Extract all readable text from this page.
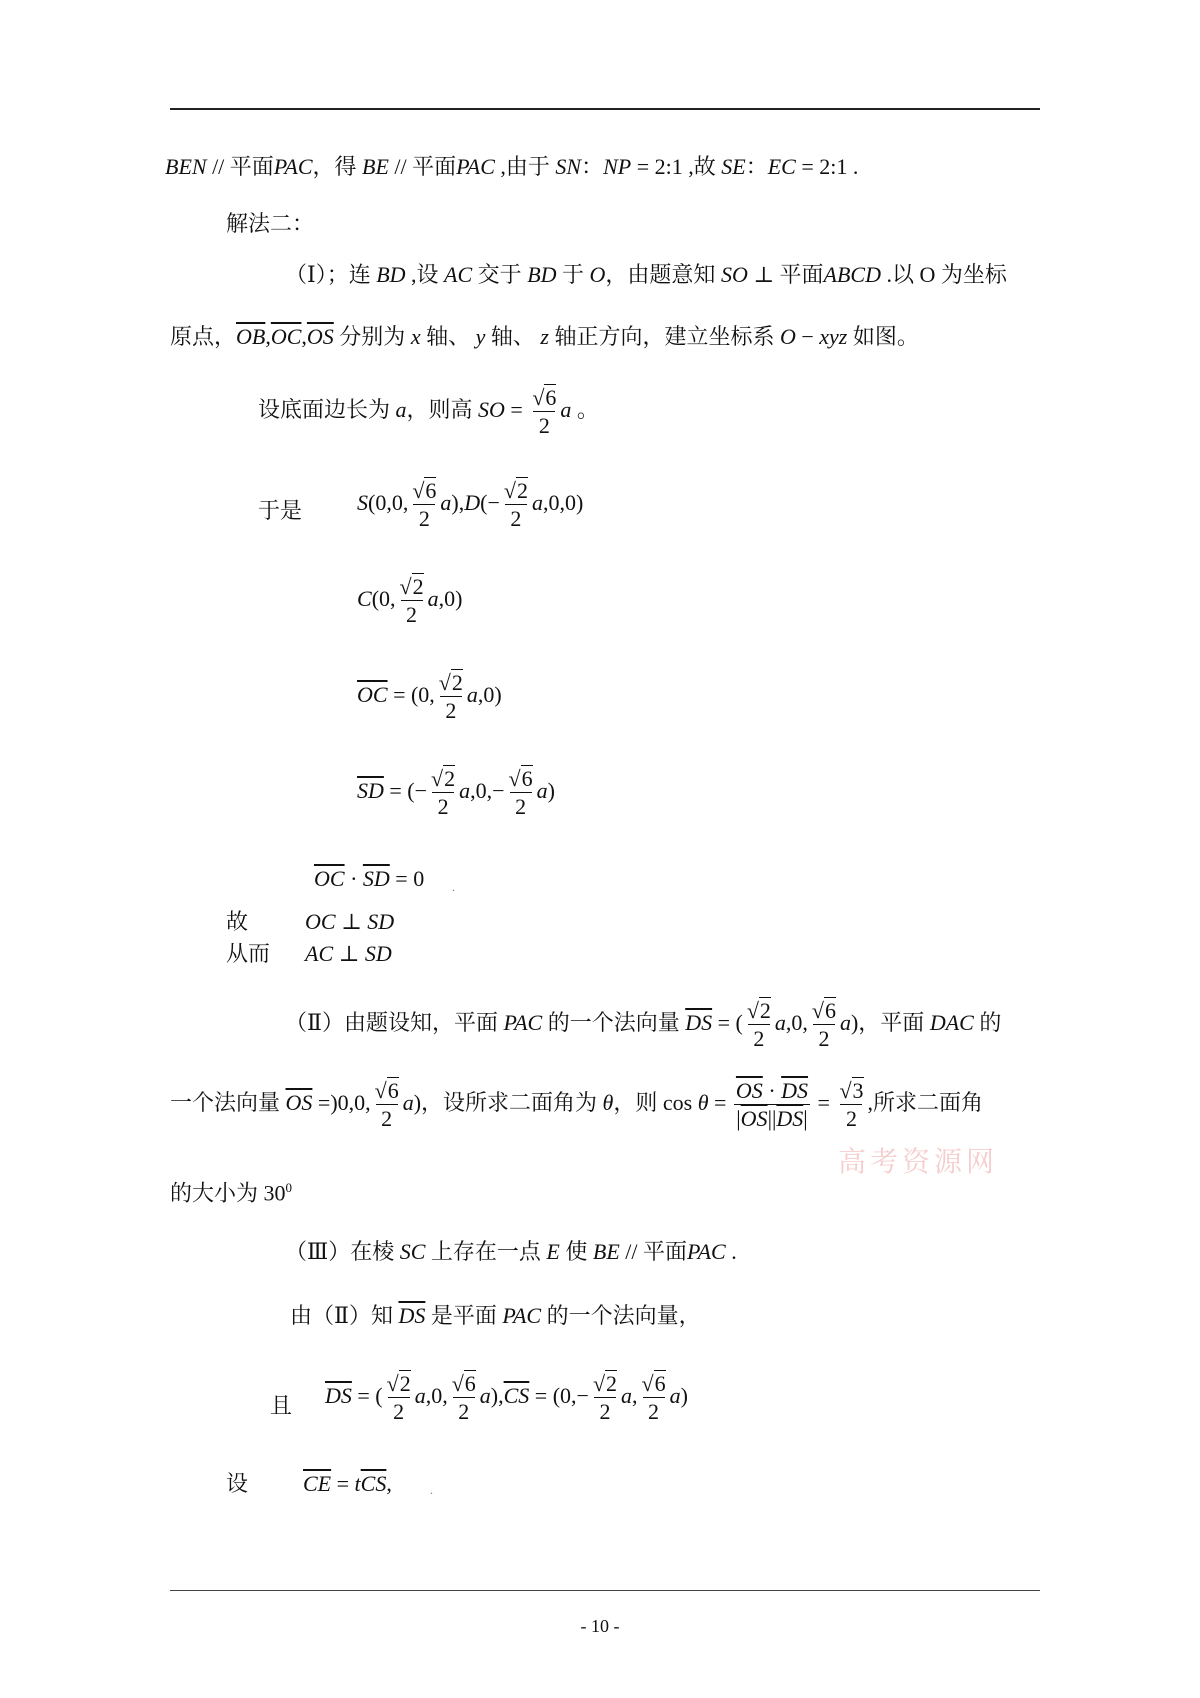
BEN // 平面PAC，得 BE // 平面PAC ,由于 SN：NP = 2:1 ,故 SE：EC = 2:1 .
解法二：
（Ⅰ）；连 BD ,设 AC 交于 BD 于 O，由题意知 SO ⊥ 平面ABCD .以 O 为坐标
原点，$\overline{OB},\overline{OC},\overline{OS}$ 分别为 x 轴、 y 轴、 z 轴正方向，建立坐标系 O − xyz 如图。
设底面边长为 a，则高 SO = $\frac{√6}{2}$ a 。
于是 S(0,0, $\frac{√6}{2} a),D(- \frac{√2}{2} a,0,0)$
C(0, $\frac{√2}{2} a,0$)
$\overline{OC} = (0$, $\frac{√2}{2} a,0$)
$\overline{SD}$ = (− $\frac{√2}{2} a,0,- \frac{√6}{2} a$)
$\overline{OC} \cdot \overline{SD} = 0$ .
故	OC ⊥ SD
从而 AC ⊥ SD
（Ⅱ）由题设知，平面 PAC 的一个法向量 $\overline{DS}$ = ( $\frac{√2}{2} a,0$, $\frac{√6}{2} a$)，平面 DAC 的
一个法向量 $\overline{OS} =)0,0$, $\frac{√6}{2} a$)，设所求二面角为 θ，则 $\cos \theta = \frac{\overline{OS} \cdot \overline{DS}}{|\overline{OS}||\overline{DS}|} = \frac{√3}{2}$ ,所求二面角
高考资源网
的大小为 $30^0$
（Ⅲ）在棱 SC 上存在一点 E 使 BE // 平面PAC .
由（Ⅱ）知 $\overline{DS}$ 是平面 PAC 的一个法向量，
且 $\overline{DS}$ = ( $\frac{√2}{2} a,0$, $\frac{√6}{2} a),\overline{CS} = (0,- \frac{√2}{2} a$, $\frac{√6}{2} a$)
设 $\overline{CE} = t\overline{CS}$,	.
- 10 -
